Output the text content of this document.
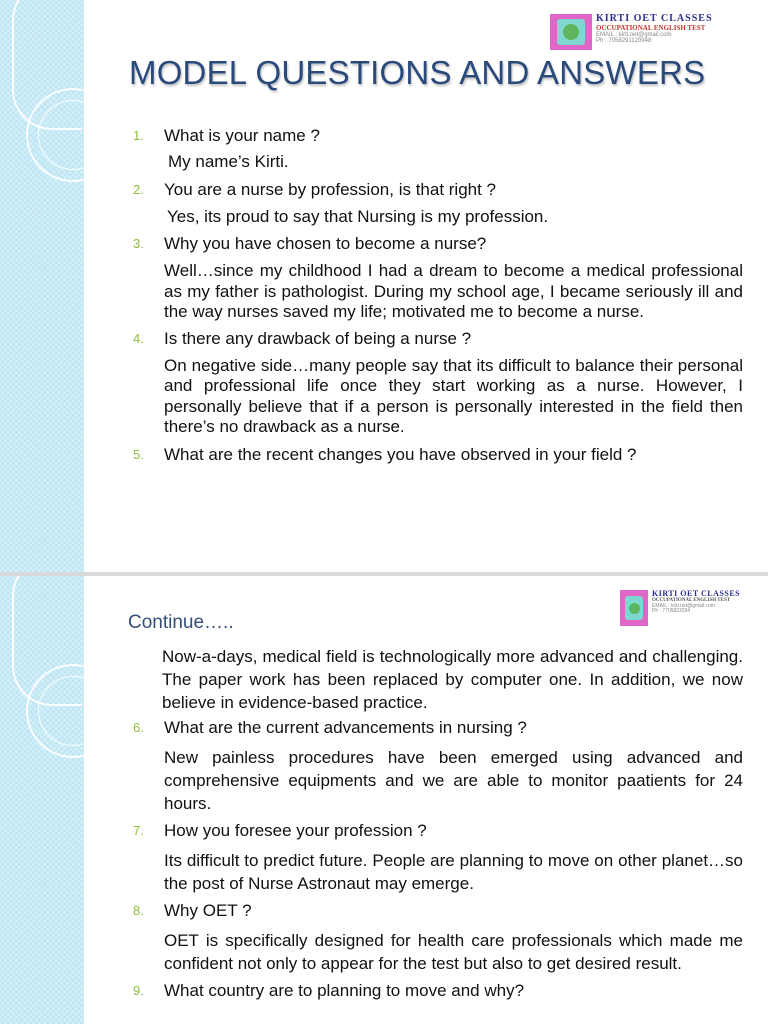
KIRTI OET CLASSES
OCCUPATIONAL ENGLISH TEST
EMAIL : kirti.oet@gmail.com
Ph : 7058291120948
MODEL QUESTIONS AND ANSWERS
1.	What is your name ?
My name’s Kirti.
2.	You are a nurse by profession, is that right ?
Yes, its proud to say that Nursing is my profession.
3.	Why you have chosen to become a nurse?
Well…since my childhood I had a dream to become a medical professional as my father is pathologist. During my school age, I became seriously ill and the way nurses saved my life; motivated me to become a nurse.
4.	Is there any drawback of being a nurse ?
On negative side…many people say that its difficult to balance their personal and professional life once they start working as a nurse. However, I personally believe that if a person is personally interested in the field then there’s no drawback as a nurse.
5.	What are the recent changes you have observed in your field ?
KIRTI OET CLASSES
OCCUPATIONAL ENGLISH TEST
EMAIL : kirti.oet@gmail.com
Ph : 7705823294
Continue…..
Now-a-days, medical field is technologically more advanced and challenging. The paper work has been replaced by computer one. In addition, we now believe in evidence-based practice.
6.	What are the current advancements in nursing ?
New painless procedures have been emerged using advanced and comprehensive equipments and we are able to monitor paatients for 24 hours.
7.	How you foresee your profession ?
Its difficult to predict future. People are planning to move on other planet…so the post of Nurse Astronaut may emerge.
8.	Why OET ?
OET is specifically designed for health care professionals which made me confident not only to appear for the test but also to get desired result.
9.	What country are to planning to move and why?
